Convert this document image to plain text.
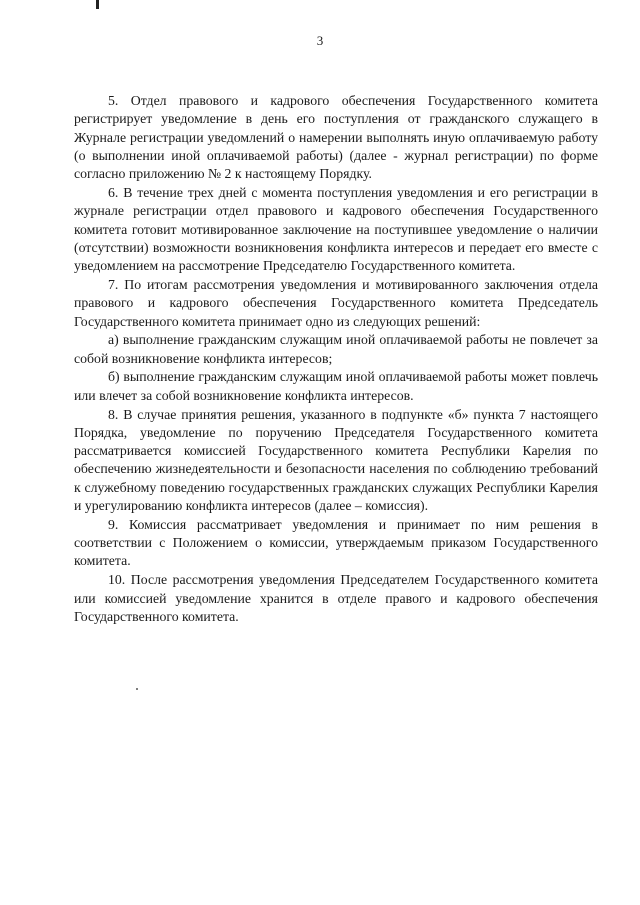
3

5. Отдел правового и кадрового обеспечения Государственного комитета регистрирует уведомление в день его поступления от гражданского служащего в Журнале регистрации уведомлений о намерении выполнять иную оплачиваемую работу (о выполнении иной оплачиваемой работы) (далее - журнал регистрации) по форме согласно приложению № 2 к настоящему Порядку.

6. В течение трех дней с момента поступления уведомления и его регистрации в журнале регистрации отдел правового и кадрового обеспечения Государственного комитета готовит мотивированное заключение на поступившее уведомление о наличии (отсутствии) возможности возникновения конфликта интересов и передает его вместе с уведомлением на рассмотрение Председателю Государственного комитета.

7. По итогам рассмотрения уведомления и мотивированного заключения отдела правового и кадрового обеспечения Государственного комитета Председатель Государственного комитета принимает одно из следующих решений:

а) выполнение гражданским служащим иной оплачиваемой работы не повлечет за собой возникновение конфликта интересов;

б) выполнение гражданским служащим иной оплачиваемой работы может повлечь или влечет за собой возникновение конфликта интересов.

8. В случае принятия решения, указанного в подпункте «б» пункта 7 настоящего Порядка, уведомление по поручению Председателя Государственного комитета рассматривается комиссией Государственного комитета Республики Карелия по обеспечению жизнедеятельности и безопасности населения по соблюдению требований к служебному поведению государственных гражданских служащих Республики Карелия и урегулированию конфликта интересов (далее – комиссия).

9. Комиссия рассматривает уведомления и принимает по ним решения в соответствии с Положением о комиссии, утверждаемым приказом Государственного комитета.

10. После рассмотрения уведомления Председателем Государственного комитета или комиссией уведомление хранится в отделе правого и кадрового обеспечения Государственного комитета.
